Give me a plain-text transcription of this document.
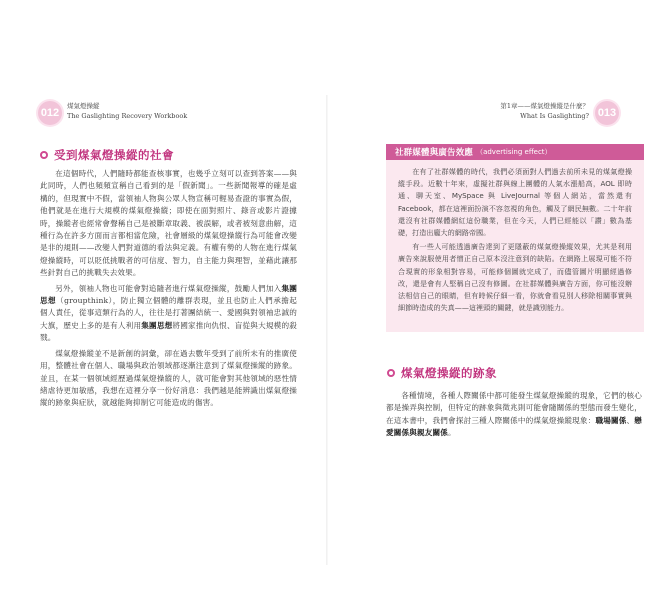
012
煤氣燈操縱
The Gaslighting Recovery Workbook
受到煤氣燈操縱的社會

在這個時代，人們隨時都能查核事實，也幾乎立刻可以查到答案——與此同時，人們也頻頻宣稱自己看到的是「假新聞」。一些新聞報導的確是虛構的，但現實中不假，當領袖人物與公眾人物宣稱可輕易查證的事實為假，他們就是在進行大規模的煤氣燈操縱；即使在面對照片、錄音或影片證據時，操縱者也經常會聲稱自己是被斷章取義、被誤解，或者被刻意曲解，這種行為在許多方面而言都相當危險，社會層級的煤氣燈操縱行為可能會改變是非的規則——改變人們對道德的看法與定義。有權有勢的人物在進行煤氣燈操縱時，可以貶低挑戰者的可信度、智力，自主能力與理智，並藉此讓那些針對自己的挑戰失去效果。

另外，領袖人物也可能會對追隨者進行煤氣燈操縱，鼓勵人們加入集團思想（groupthink），防止獨立個體的離群表現，並且也防止人們承擔起個人責任，從事這類行為的人，往往是打著團結統一、愛國與對領袖忠誠的大旗，歷史上多的是有人利用集團思想將國家推向仇恨、盲從與大規模的殺戮。

煤氣燈操縱並不是新創的詞彙，卻在過去數年受到了前所未有的推廣使用，整體社會在個人、職場與政治領域都逐漸注意到了煤氣燈操縱的跡象。並且，在某一個領域經歷過煤氣燈操縱的人，就可能會對其他領域的惡性情緒虐待更加敏感，我想在這裡分享一份好消息：我們越是能辨識出煤氣燈操縱的跡象與症狀，就越能夠抑制它可能造成的傷害。

013
第1章——煤氣燈操縱是什麼？
What Is Gaslighting?
社群媒體與廣告效應 （advertising effect）

在有了社群媒體的時代，我們必須面對人們過去前所未見的煤氣燈操縱手段。近數十年來，虛擬社群與線上團體的人氣水漲船高，AOL 即時通、聊天室、MySpace 與 LiveJournal 等個人網站，當然還有Facebook，都在這裡面扮演不容忽視的角色，觸及了網民無數。二十年前還沒有社群媒體網紅這份職業，但在今天，人們已經能以「讚」數為基礎，打造出龐大的網路帝國。

有一些人可能透過廣告達到了更隱蔽的煤氣燈操縱效果，尤其是利用廣告來說服使用者憎正自己原本沒注意到的缺陷。在網路上展現可能不符合現實的形象相對容易，可能修個圖就完成了，而儘管圖片明顯經過修改，還是會有人堅稱自己沒有修圖。在社群媒體與廣告方面，你可能沒辦法相信自己的眼睛，但有時候仔細一看，你就會看見別人移除相關事實與細節時造成的失真——這裡頭的關鍵，就是識別能力。

煤氣燈操縱的跡象

各種情境，各種人際關係中都可能發生煤氣燈操縱的現象，它們的核心都是操弄與控制，但特定的跡象與徵兆則可能會隨關係的型態而發生變化，在這本書中，我們會探討三種人際關係中的煤氣燈操縱現象：職場關係、戀愛關係與親友關係。
